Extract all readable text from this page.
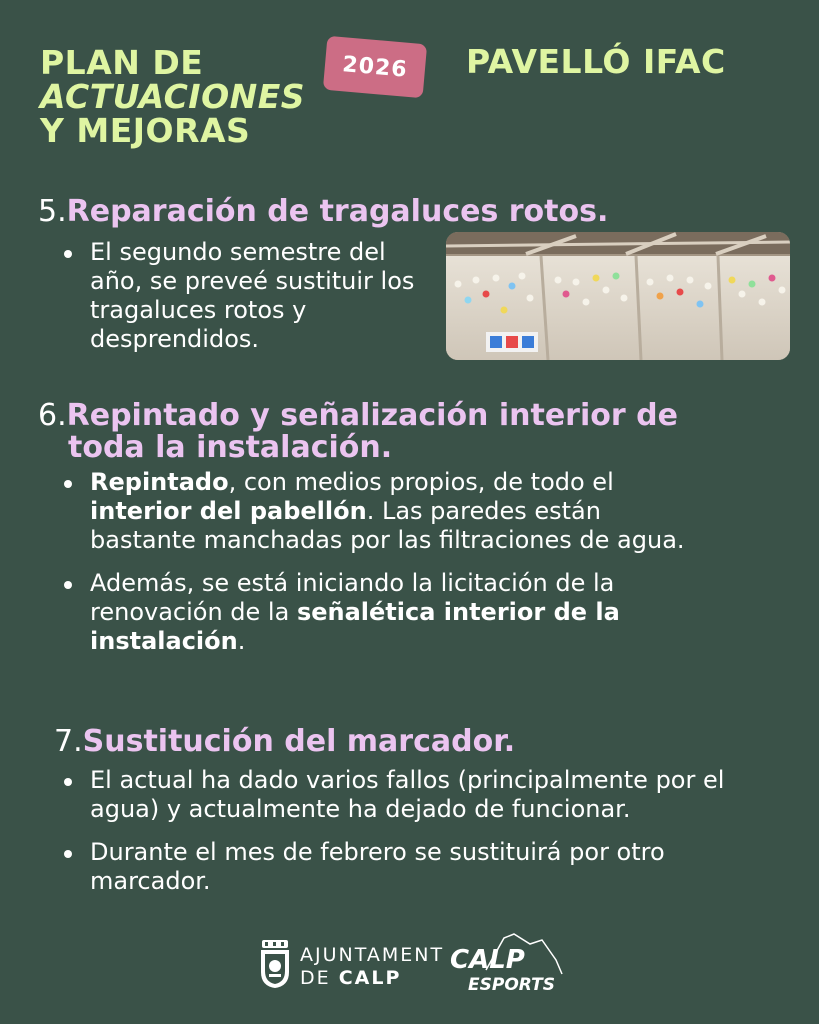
PLAN DE
ACTUACIONES
Y MEJORAS
2026	PAVELLÓ IFAC
5.Reparación de tragaluces rotos.
El segundo semestre del año, se preveé sustituir los tragaluces rotos y desprendidos.
6.Repintado y señalización interior de
toda la instalación.
Repintado, con medios propios, de todo el
interior del pabellón. Las paredes están bastante manchadas por las filtraciones de agua.
Además, se está iniciando la licitación de la renovación de la señalética interior de la instalación.
7.Sustitución del marcador.
El actual ha dado varios fallos (principalmente por el agua) y actualmente ha dejado de funcionar.
Durante el mes de febrero se sustituirá por otro marcador.
AJUNTAMENT
DE CALP
CALP
ESPORTS
